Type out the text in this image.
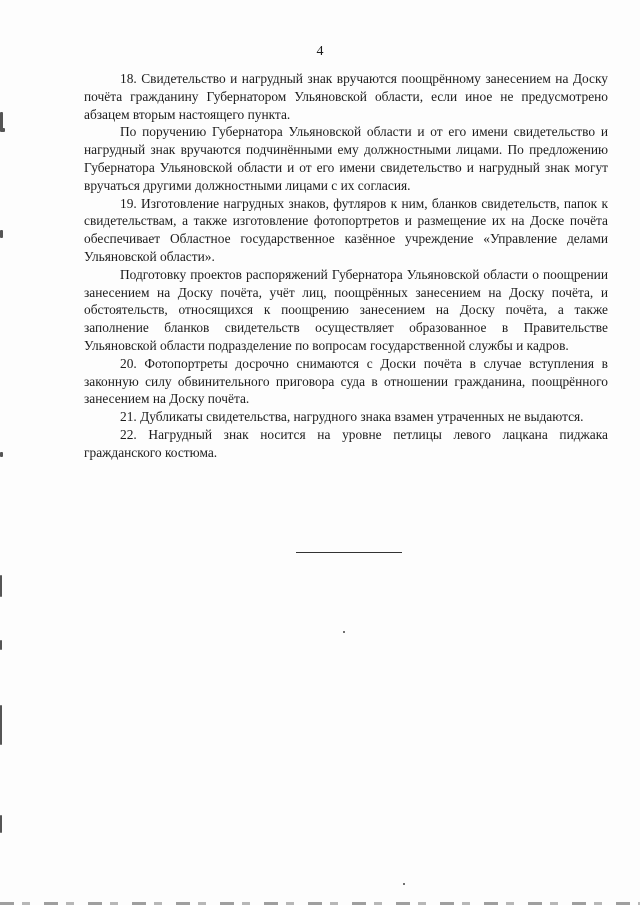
4

18. Свидетельство и нагрудный знак вручаются поощрённому занесением на Доску почёта гражданину Губернатором Ульяновской области, если иное не предусмотрено абзацем вторым настоящего пункта.

По поручению Губернатора Ульяновской области и от его имени свидетельство и нагрудный знак вручаются подчинёнными ему должностными лицами. По предложению Губернатора Ульяновской области и от его имени свидетельство и нагрудный знак могут вручаться другими должностными лицами с их согласия.

19. Изготовление нагрудных знаков, футляров к ним, бланков свидетельств, папок к свидетельствам, а также изготовление фотопортретов и размещение их на Доске почёта обеспечивает Областное государственное казённое учреждение «Управление делами Ульяновской области».

Подготовку проектов распоряжений Губернатора Ульяновской области о поощрении занесением на Доску почёта, учёт лиц, поощрённых занесением на Доску почёта, и обстоятельств, относящихся к поощрению занесением на Доску почёта, а также заполнение бланков свидетельств осуществляет образованное в Правительстве Ульяновской области подразделение по вопросам государственной службы и кадров.

20. Фотопортреты досрочно снимаются с Доски почёта в случае вступления в законную силу обвинительного приговора суда в отношении гражданина, поощрённого занесением на Доску почёта.

21. Дубликаты свидетельства, нагрудного знака взамен утраченных не выдаются.

22. Нагрудный знак носится на уровне петлицы левого лацкана пиджака гражданского костюма.
